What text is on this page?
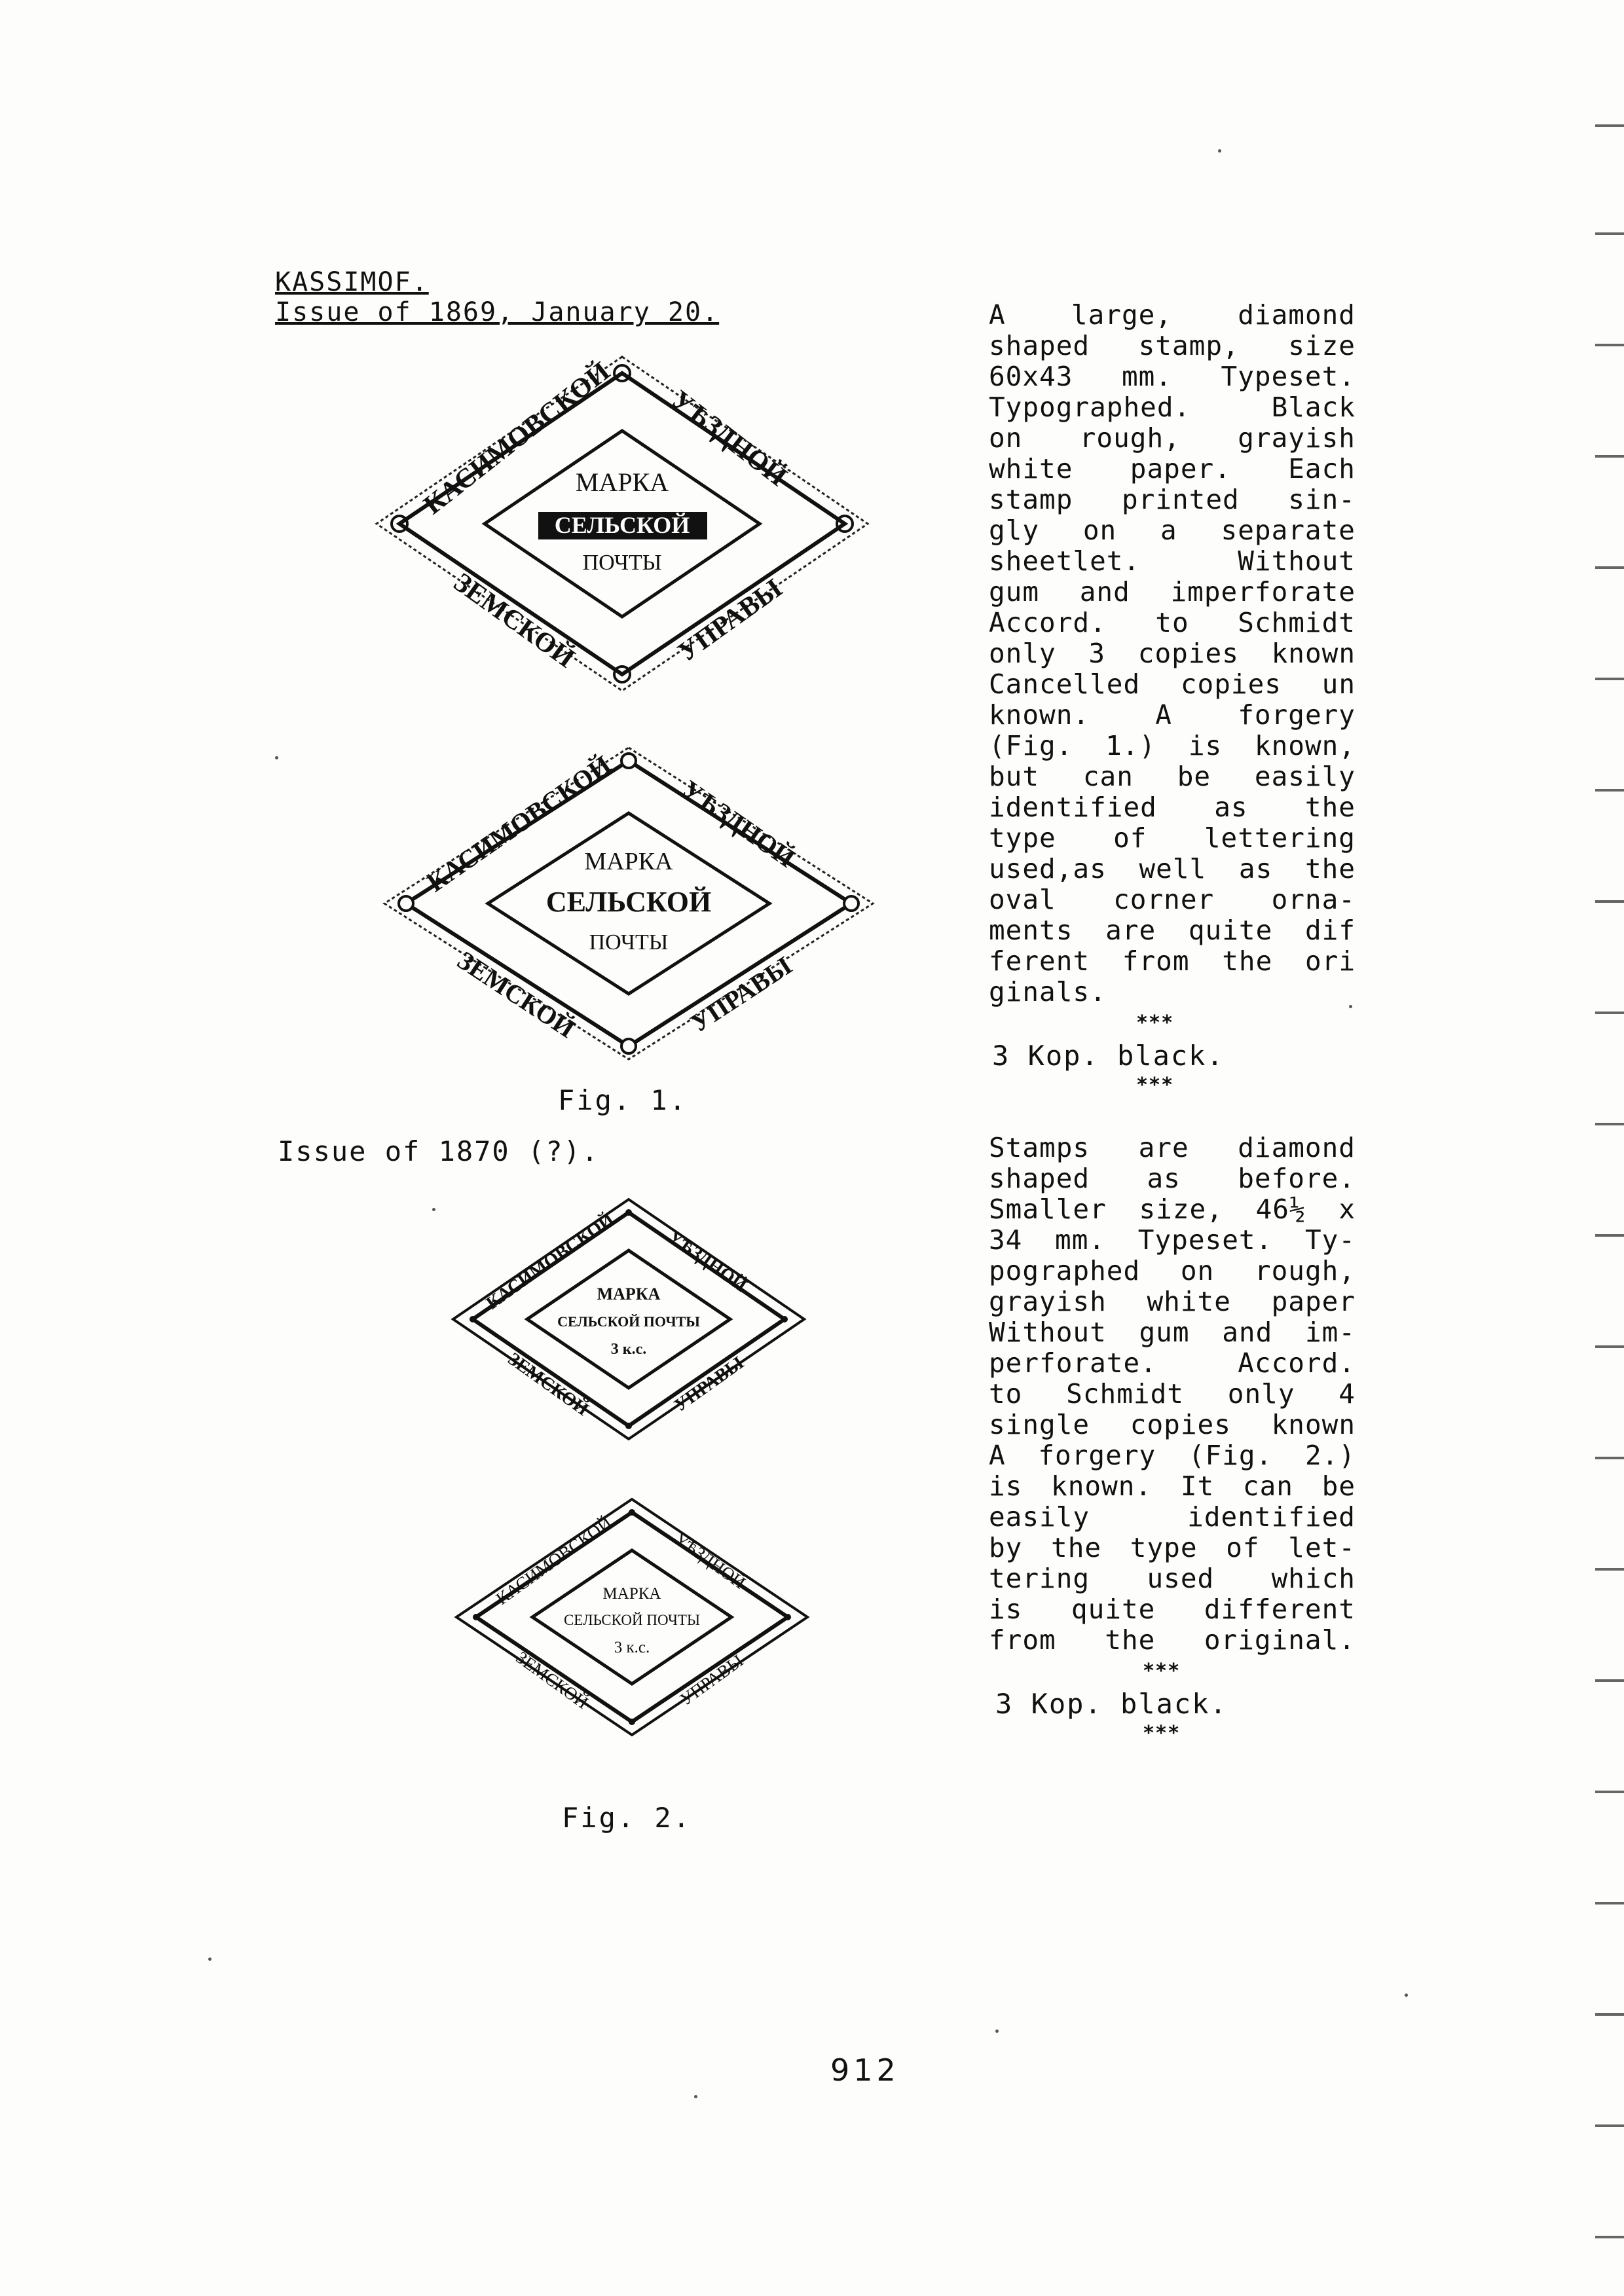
KASSIMOF.
Issue of 1869, January 20.
Issue of 1870 (?).
КАСИМОВСКОЙ
УѢЗДНОЙ
ЗЕМСКОЙ	УПРАВЫ
МАРКА
СЕЛЬСКОЙ
ПОЧТЫ
КАСИМОВСКОЙ
УѢЗДНОЙ
ЗЕМСКОЙ	УПРАВЫ
МАРКА
СЕЛЬСКОЙ
ПОЧТЫ
КАСИМОВСКОЙ
УѢЗДНОЙ
ЗЕМСКОЙ	УПРАВЫ
МАРКА
СЕЛЬСКОЙ ПОЧТЫ
3 к.с.
КАСИМОВСКОЙ
УѢЗДНОЙ
ЗЕМСКОЙ	УПРАВЫ
МАРКА
СЕЛЬСКОЙ ПОЧТЫ
3 к.с.
Fig. 1.
Fig. 2.
A large, diamond
shaped stamp, size
60x43 mm. Typeset.
Typographed. Black
on rough, grayish
white paper. Each
stamp printed sin-
gly on a separate
sheetlet. Without
gum and imperforate
Accord. to Schmidt
only 3 copies known
Cancelled copies un
known. A forgery
(Fig. 1.) is known,
but can be easily
identified as the
type of lettering
used,as well as the
oval corner orna-
ments are quite dif
ferent from the ori
ginals.
***
3 Kop. black.
***
Stamps are diamond
shaped as before.
Smaller size, 46½ x
34 mm. Typeset. Ty-
pographed on rough,
grayish white paper
Without gum and im-
perforate. Accord.
to Schmidt only 4
single copies known
A forgery (Fig. 2.)
is known. It can be
easily identified
by the type of let-
tering used which
is quite different
from the original.
***
3 Kop. black.
***
912
